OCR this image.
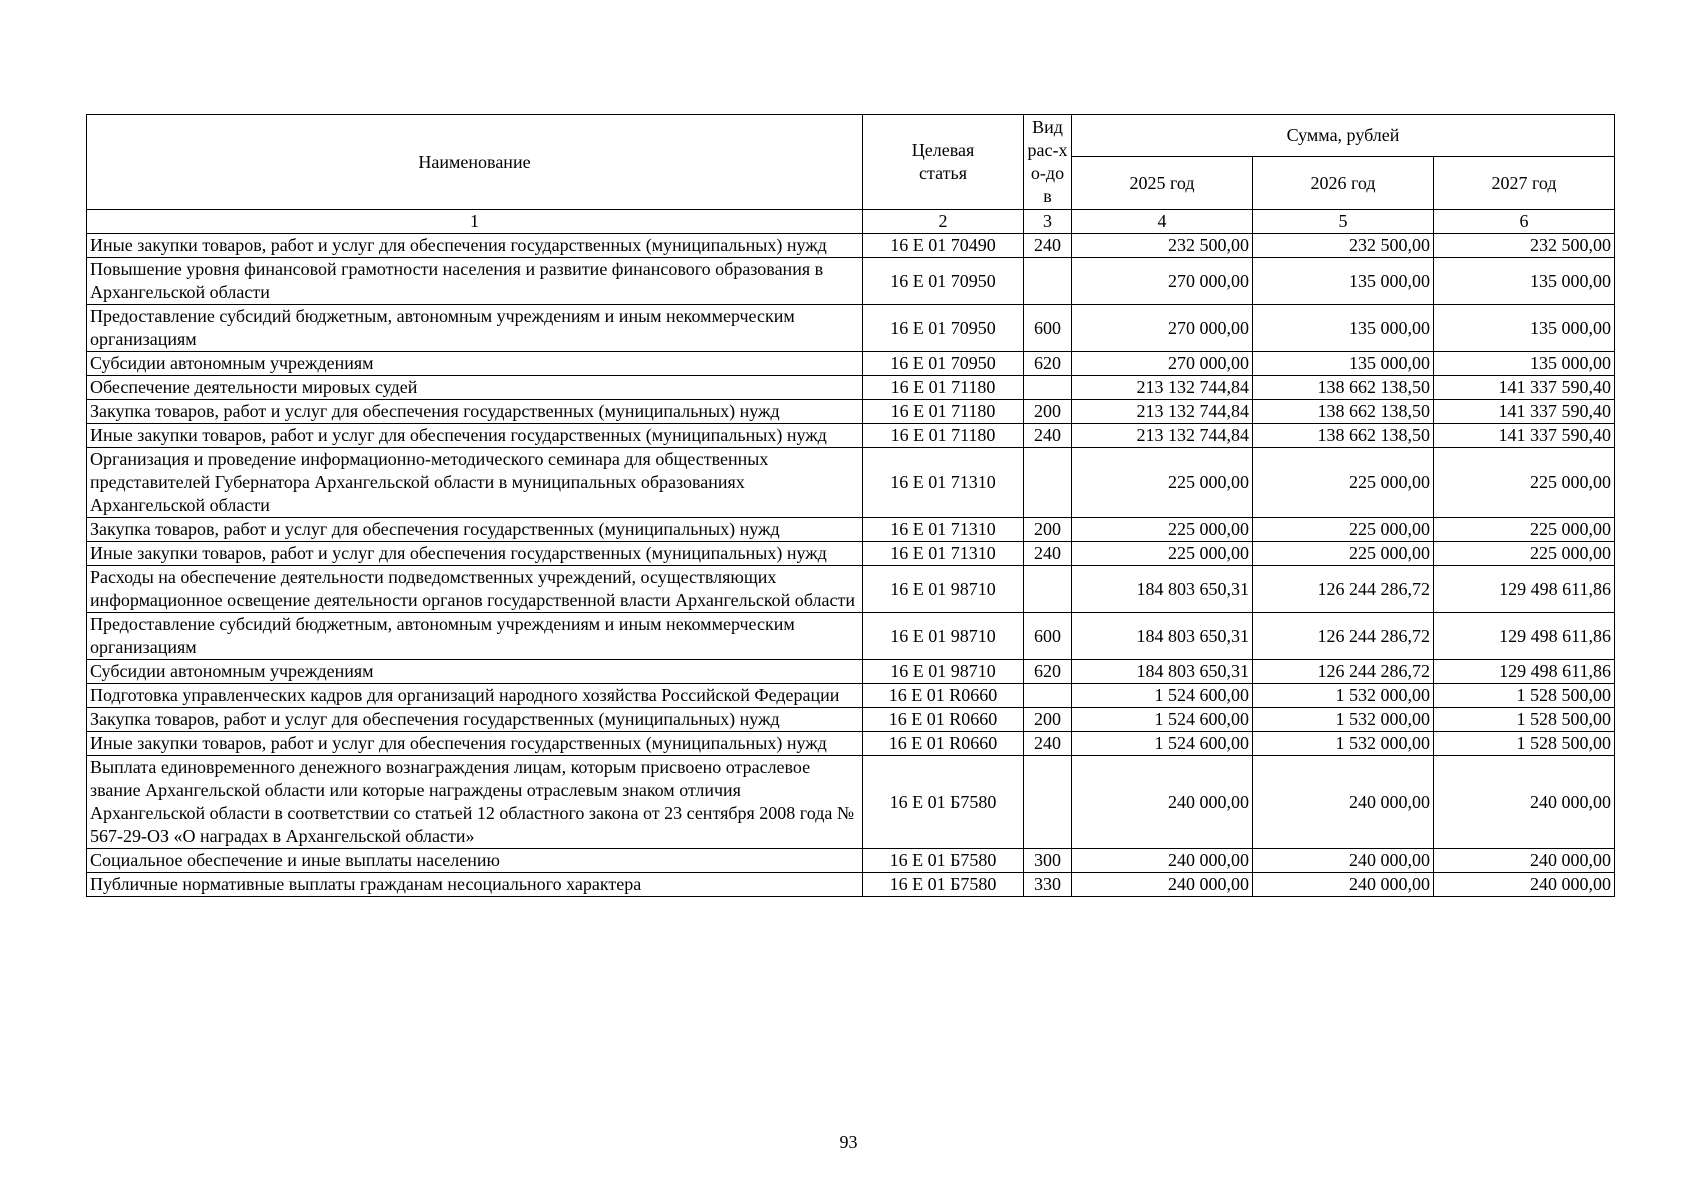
Наименование	Целевая статья	Вид рас-хо-дов	Сумма, рублей		
			2025 год	2026 год	2027 год
1	2	3	4	5	6
Иные закупки товаров, работ и услуг для обеспечения государственных (муниципальных) нужд	16 Е 01 70490	240	232 500,00	232 500,00	232 500,00
Повышение уровня финансовой грамотности населения и развитие финансового образования в Архангельской области	16 Е 01 70950		270 000,00	135 000,00	135 000,00
Предоставление субсидий бюджетным, автономным учреждениям и иным некоммерческим организациям	16 Е 01 70950	600	270 000,00	135 000,00	135 000,00
Субсидии автономным учреждениям	16 Е 01 70950	620	270 000,00	135 000,00	135 000,00
Обеспечение деятельности мировых судей	16 Е 01 71180		213 132 744,84	138 662 138,50	141 337 590,40
Закупка товаров, работ и услуг для обеспечения государственных (муниципальных) нужд	16 Е 01 71180	200	213 132 744,84	138 662 138,50	141 337 590,40
Иные закупки товаров, работ и услуг для обеспечения государственных (муниципальных) нужд	16 Е 01 71180	240	213 132 744,84	138 662 138,50	141 337 590,40
Организация и проведение информационно-методического семинара для общественных представителей Губернатора Архангельской области в муниципальных образованиях Архангельской области	16 Е 01 71310		225 000,00	225 000,00	225 000,00
Закупка товаров, работ и услуг для обеспечения государственных (муниципальных) нужд	16 Е 01 71310	200	225 000,00	225 000,00	225 000,00
Иные закупки товаров, работ и услуг для обеспечения государственных (муниципальных) нужд	16 Е 01 71310	240	225 000,00	225 000,00	225 000,00
Расходы на обеспечение деятельности подведомственных учреждений, осуществляющих информационное освещение деятельности органов государственной власти Архангельской области	16 Е 01 98710		184 803 650,31	126 244 286,72	129 498 611,86
Предоставление субсидий бюджетным, автономным учреждениям и иным некоммерческим организациям	16 Е 01 98710	600	184 803 650,31	126 244 286,72	129 498 611,86
Субсидии автономным учреждениям	16 Е 01 98710	620	184 803 650,31	126 244 286,72	129 498 611,86
Подготовка управленческих кадров для организаций народного хозяйства Российской Федерации	16 Е 01 R0660		1 524 600,00	1 532 000,00	1 528 500,00
Закупка товаров, работ и услуг для обеспечения государственных (муниципальных) нужд	16 Е 01 R0660	200	1 524 600,00	1 532 000,00	1 528 500,00
Иные закупки товаров, работ и услуг для обеспечения государственных (муниципальных) нужд	16 Е 01 R0660	240	1 524 600,00	1 532 000,00	1 528 500,00
Выплата единовременного денежного вознаграждения лицам, которым присвоено отраслевое звание Архангельской области или которые награждены отраслевым знаком отличия Архангельской области в соответствии со статьей 12 областного закона от 23 сентября 2008 года № 567-29-ОЗ «О наградах в Архангельской области»	16 Е 01 Б7580		240 000,00	240 000,00	240 000,00
Социальное обеспечение и иные выплаты населению	16 Е 01 Б7580	300	240 000,00	240 000,00	240 000,00
Публичные нормативные выплаты гражданам несоциального характера	16 Е 01 Б7580	330	240 000,00	240 000,00	240 000,00
93
